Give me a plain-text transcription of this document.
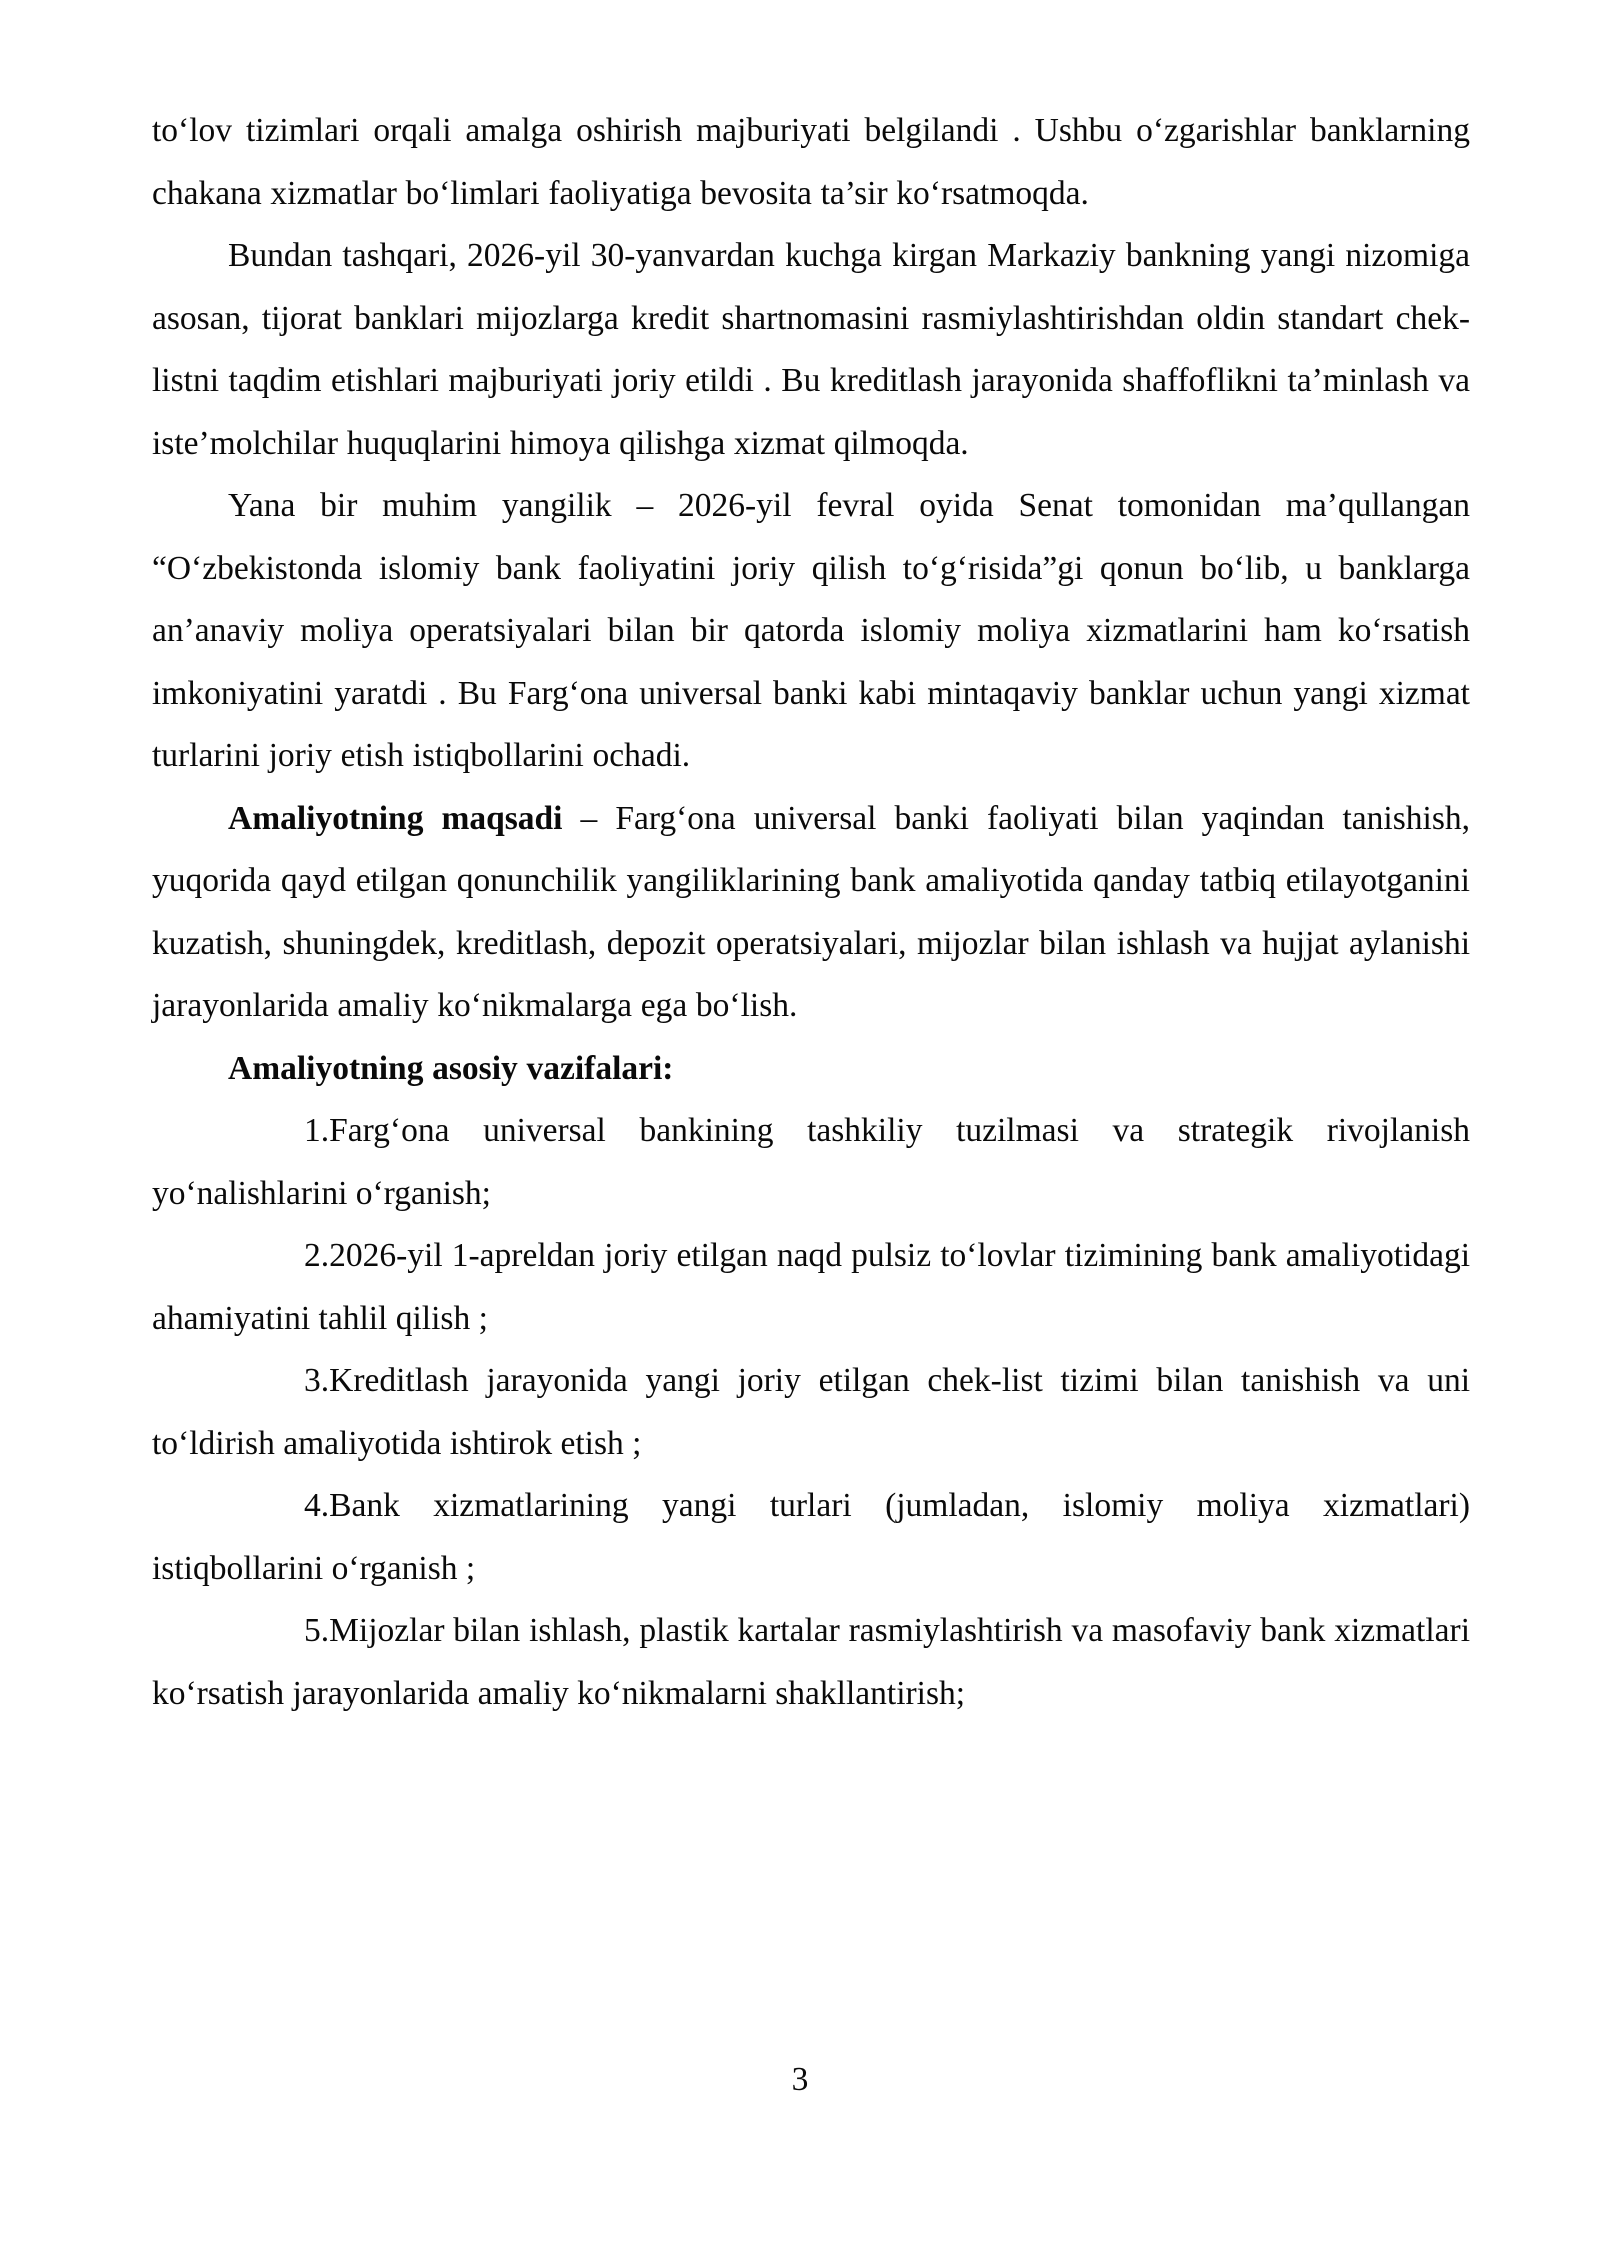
to‘lov tizimlari orqali amalga oshirish majburiyati belgilandi . Ushbu o‘zgarishlar banklarning chakana xizmatlar bo‘limlari faoliyatiga bevosita ta’sir ko‘rsatmoqda.

Bundan tashqari, 2026-yil 30-yanvardan kuchga kirgan Markaziy bankning yangi nizomiga asosan, tijorat banklari mijozlarga kredit shartnomasini rasmiylashtirishdan oldin standart chek-listni taqdim etishlari majburiyati joriy etildi . Bu kreditlash jarayonida shaffoflikni ta’minlash va iste’molchilar huquqlarini himoya qilishga xizmat qilmoqda.

Yana bir muhim yangilik – 2026-yil fevral oyida Senat tomonidan ma’qullangan “O‘zbekistonda islomiy bank faoliyatini joriy qilish to‘g‘risida”gi qonun bo‘lib, u banklarga an’anaviy moliya operatsiyalari bilan bir qatorda islomiy moliya xizmatlarini ham ko‘rsatish imkoniyatini yaratdi . Bu Farg‘ona universal banki kabi mintaqaviy banklar uchun yangi xizmat turlarini joriy etish istiqbollarini ochadi.

Amaliyotning maqsadi – Farg‘ona universal banki faoliyati bilan yaqindan tanishish, yuqorida qayd etilgan qonunchilik yangiliklarining bank amaliyotida qanday tatbiq etilayotganini kuzatish, shuningdek, kreditlash, depozit operatsiyalari, mijozlar bilan ishlash va hujjat aylanishi jarayonlarida amaliy ko‘nikmalarga ega bo‘lish.

Amaliyotning asosiy vazifalari:

1.Farg‘ona universal bankining tashkiliy tuzilmasi va strategik rivojlanish yo‘nalishlarini o‘rganish;

2.2026-yil 1-apreldan joriy etilgan naqd pulsiz to‘lovlar tizimining bank amaliyotidagi ahamiyatini tahlil qilish ;

3.Kreditlash jarayonida yangi joriy etilgan chek-list tizimi bilan tanishish va uni to‘ldirish amaliyotida ishtirok etish ;

4.Bank xizmatlarining yangi turlari (jumladan, islomiy moliya xizmatlari) istiqbollarini o‘rganish ;

5.Mijozlar bilan ishlash, plastik kartalar rasmiylashtirish va masofaviy bank xizmatlari ko‘rsatish jarayonlarida amaliy ko‘nikmalarni shakllantirish;

3
